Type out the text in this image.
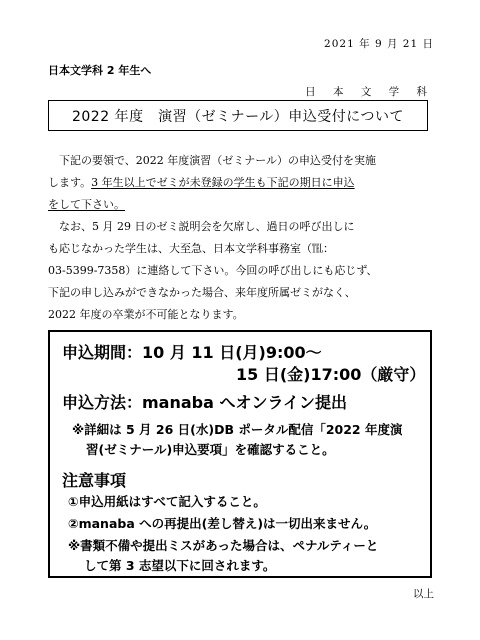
2021 年 9 月 21 日
日本文学科 2 年生へ
日 本 文 学 科
2022 年度　演習（ゼミナール）申込受付について
下記の要領で、2022 年度演習（ゼミナール）の申込受付を実施
します。3 年生以上でゼミが未登録の学生も下記の期日に申込
をして下さい。
なお、5 月 29 日のゼミ説明会を欠席し、過日の呼び出しに
も応じなかった学生は、大至急、日本文学科事務室（℡：
03-5399-7358）に連絡して下さい。今回の呼び出しにも応じず、
下記の申し込みができなかった場合、来年度所属ゼミがなく、
2022 年度の卒業が不可能となります。
申込期間：10 月 11 日(月)9:00～
15 日(金)17:00（厳守）
申込方法：manaba へオンライン提出
※詳細は 5 月 26 日(水)DB ポータル配信「2022 年度演
習(ゼミナール)申込要項」を確認すること。
注意事項
①申込用紙はすべて記入すること。
②manaba への再提出(差し替え)は一切出来ません。
※書類不備や提出ミスがあった場合は、ペナルティーと
して第 3 志望以下に回されます。
以上
